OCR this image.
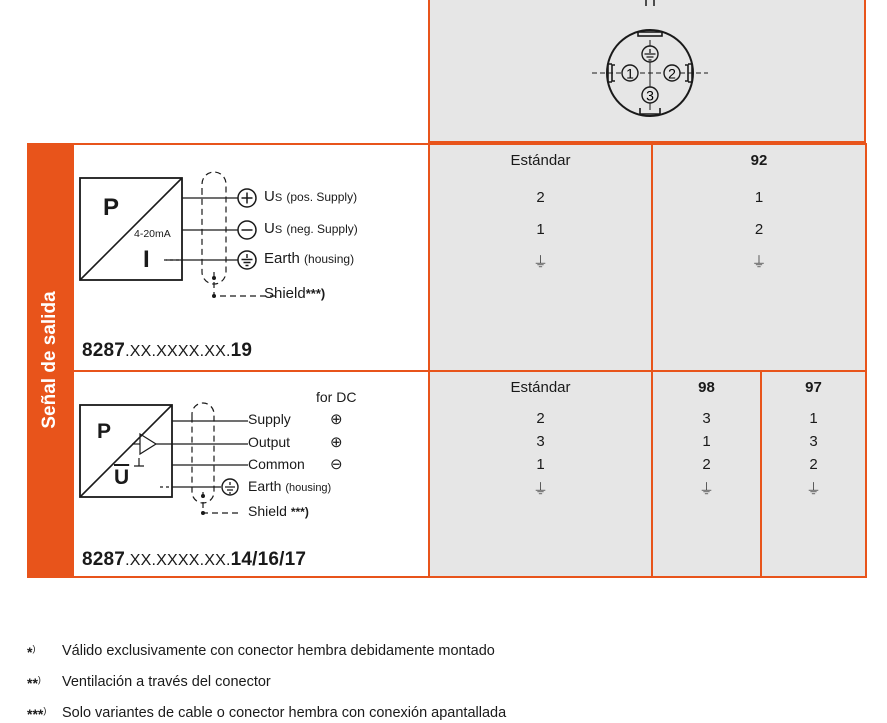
1 2
3
Señal de salida
P
I
4-20mA
US (pos. Supply)
US (neg. Supply)
Earth (housing)
Shield***)
8287.XX.XXXX.XX.19
Estándar
2
1
⏚
92
1
2
⏚
P
$\overline{U}$
for DC
Supply
Output
Common
⊕
⊕
⊖
Earth (housing)
Shield ***)
8287.XX.XXXX.XX.14/16/17
Estándar
2
3
1
⏚
98
3
1
2
⏚
97
1
3
2
⏚
*) Válido exclusivamente con conector hembra debidamente montado
**) Ventilación a través del conector
***) Solo variantes de cable o conector hembra con conexión apantallada
